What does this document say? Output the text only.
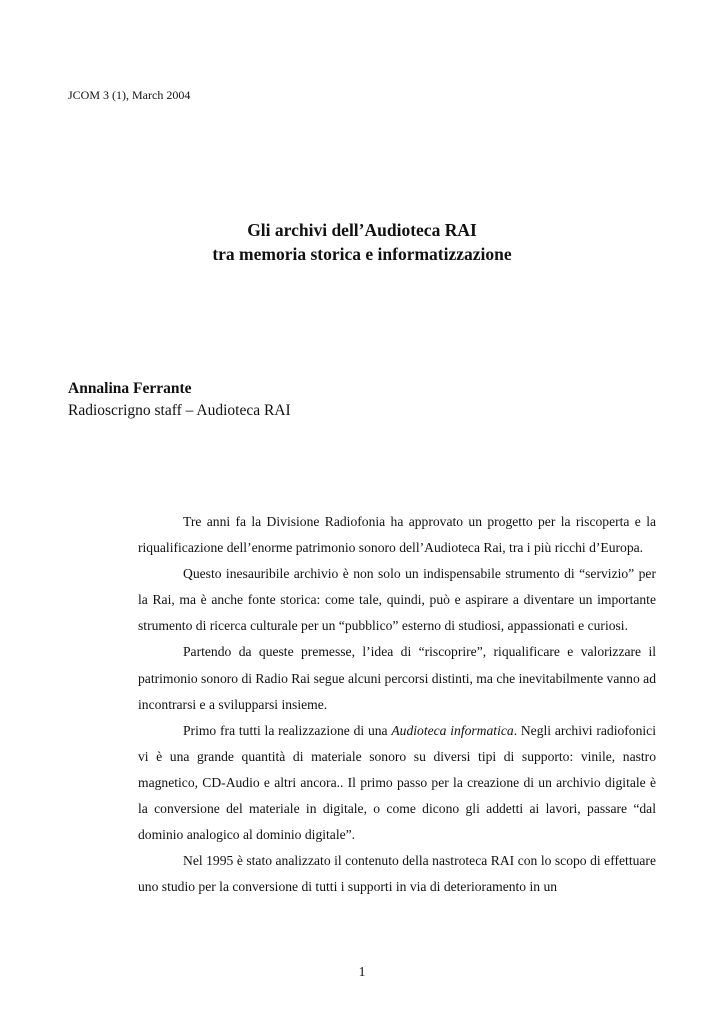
JCOM 3 (1), March 2004
Gli archivi dell’Audioteca RAI
tra memoria storica e informatizzazione
Annalina Ferrante
Radioscrigno staff – Audioteca RAI

Tre anni fa la Divisione Radiofonia ha approvato un progetto per la riscoperta e la riqualificazione dell’enorme patrimonio sonoro dell’Audioteca Rai, tra i più ricchi d’Europa.

Questo inesauribile archivio è non solo un indispensabile strumento di “servizio” per la Rai, ma è anche fonte storica: come tale, quindi, può e aspirare a diventare un importante strumento di ricerca culturale per un “pubblico” esterno di studiosi, appassionati e curiosi.

Partendo da queste premesse, l’idea di “riscoprire”, riqualificare e valorizzare il patrimonio sonoro di Radio Rai segue alcuni percorsi distinti, ma che inevitabilmente vanno ad incontrarsi e a svilupparsi insieme.

Primo fra tutti la realizzazione di una Audioteca informatica. Negli archivi radiofonici vi è una grande quantità di materiale sonoro su diversi tipi di supporto: vinile, nastro magnetico, CD-Audio e altri ancora.. Il primo passo per la creazione di un archivio digitale è la conversione del materiale in digitale, o come dicono gli addetti ai lavori, passare “dal dominio analogico al dominio digitale”.

Nel 1995 è stato analizzato il contenuto della nastroteca RAI con lo scopo di effettuare uno studio per la conversione di tutti i supporti in via di deterioramento in un

1
